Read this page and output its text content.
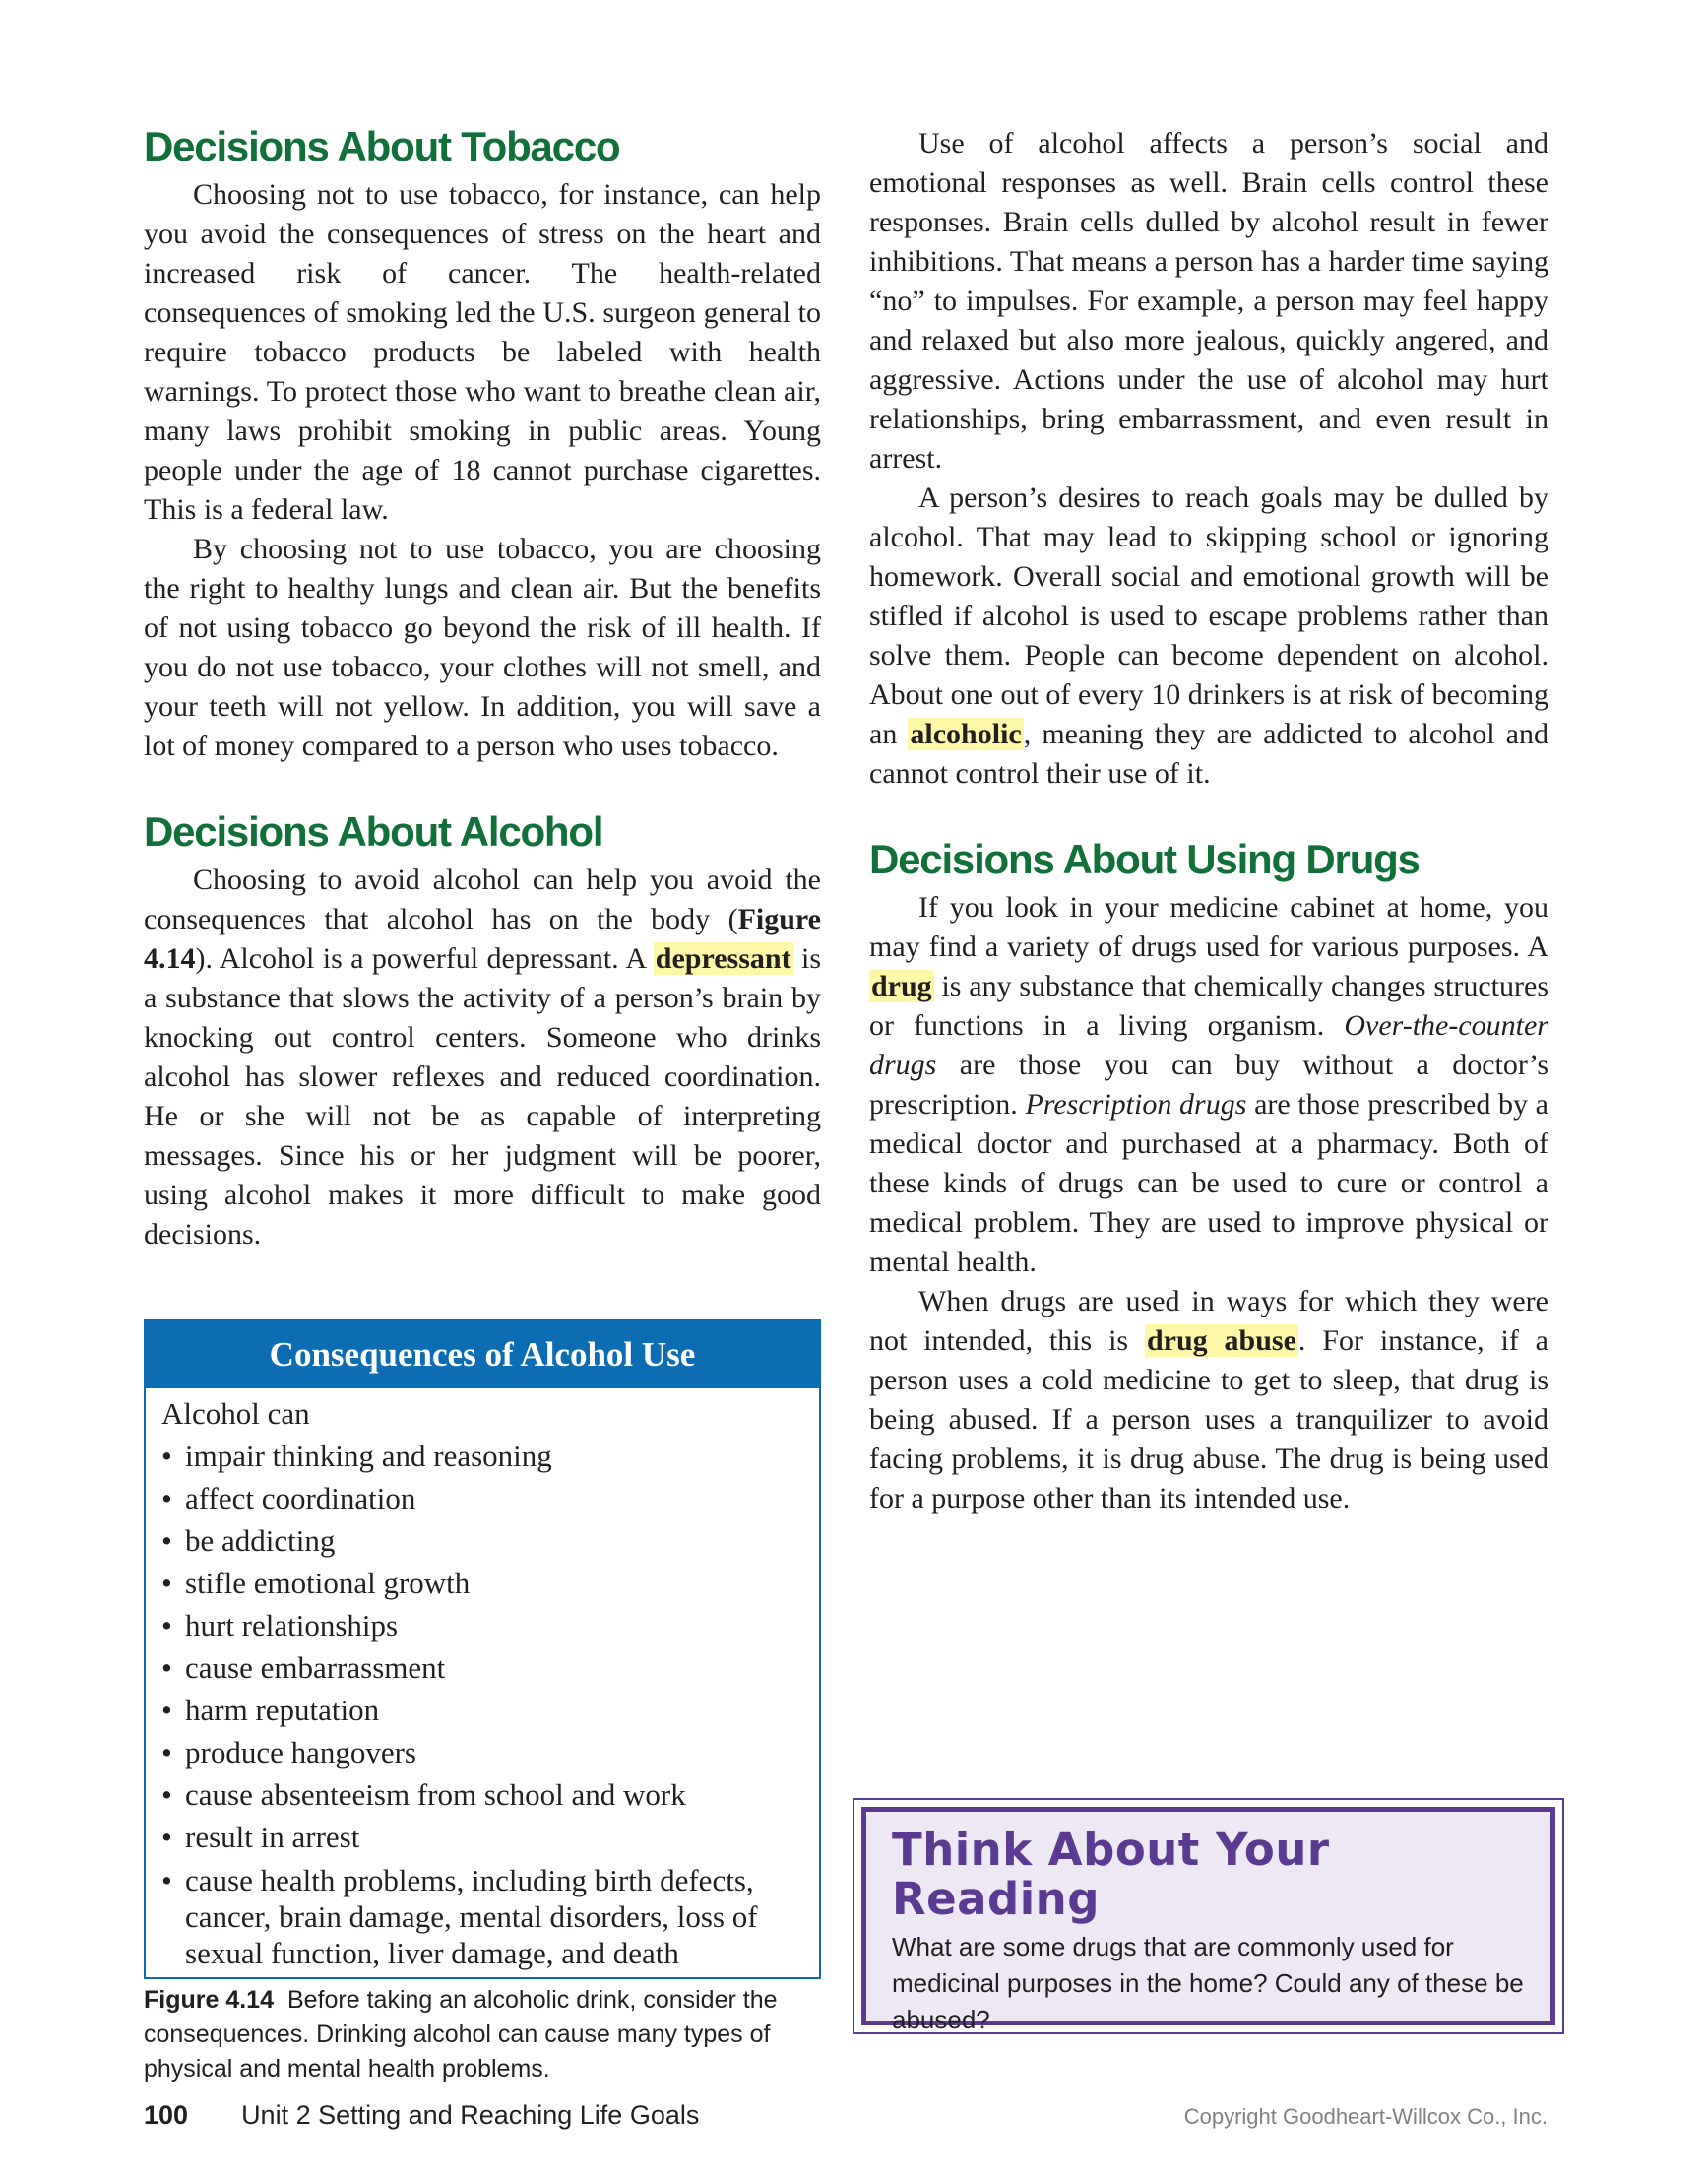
Decisions About Tobacco

Choosing not to use tobacco, for instance, can help you avoid the consequences of stress on the heart and increased risk of cancer. The health-related consequences of smoking led the U.S. surgeon general to require tobacco products be labeled with health warnings. To protect those who want to breathe clean air, many laws prohibit smoking in public areas. Young people under the age of 18 cannot purchase cigarettes. This is a federal law.

By choosing not to use tobacco, you are choosing the right to healthy lungs and clean air. But the benefits of not using tobacco go beyond the risk of ill health. If you do not use tobacco, your clothes will not smell, and your teeth will not yellow. In addition, you will save a lot of money compared to a person who uses tobacco.

Decisions About Alcohol

Choosing to avoid alcohol can help you avoid the consequences that alcohol has on the body (Figure 4.14). Alcohol is a powerful depressant. A depressant is a substance that slows the activity of a person’s brain by knocking out control centers. Someone who drinks alcohol has slower reflexes and reduced coordination. He or she will not be as capable of interpreting messages. Since his or her judgment will be poorer, using alcohol makes it more difficult to make good decisions.

Consequences of Alcohol Use
Alcohol can
• impair thinking and reasoning
• affect coordination
• be addicting
• stifle emotional growth
• hurt relationships
• cause embarrassment
• harm reputation
• produce hangovers
• cause absenteeism from school and work
• result in arrest
• cause health problems, including birth defects, cancer, brain damage, mental disorders, loss of sexual function, liver damage, and death
Figure 4.14 Before taking an alcoholic drink, consider the consequences. Drinking alcohol can cause many types of physical and mental health problems.

Use of alcohol affects a person’s social and emotional responses as well. Brain cells control these responses. Brain cells dulled by alcohol result in fewer inhibitions. That means a person has a harder time saying “no” to impulses. For example, a person may feel happy and relaxed but also more jealous, quickly angered, and aggressive. Actions under the use of alcohol may hurt relationships, bring embarrassment, and even result in arrest.

A person’s desires to reach goals may be dulled by alcohol. That may lead to skipping school or ignoring homework. Overall social and emotional growth will be stifled if alcohol is used to escape problems rather than solve them. People can become dependent on alcohol. About one out of every 10 drinkers is at risk of becoming an alcoholic, meaning they are addicted to alcohol and cannot control their use of it.

Decisions About Using Drugs

If you look in your medicine cabinet at home, you may find a variety of drugs used for various purposes. A drug is any substance that chemically changes structures or functions in a living organism. Over-the-counter drugs are those you can buy without a doctor’s prescription. Prescription drugs are those prescribed by a medical doctor and purchased at a pharmacy. Both of these kinds of drugs can be used to cure or control a medical problem. They are used to improve physical or mental health.

When drugs are used in ways for which they were not intended, this is drug abuse. For instance, if a person uses a cold medicine to get to sleep, that drug is being abused. If a person uses a tranquilizer to avoid facing problems, it is drug abuse. The drug is being used for a purpose other than its intended use.

Think About Your Reading
What are some drugs that are commonly used for medicinal purposes in the home? Could any of these be abused?
100 Unit 2 Setting and Reaching Life Goals	Copyright Goodheart-Willcox Co., Inc.
